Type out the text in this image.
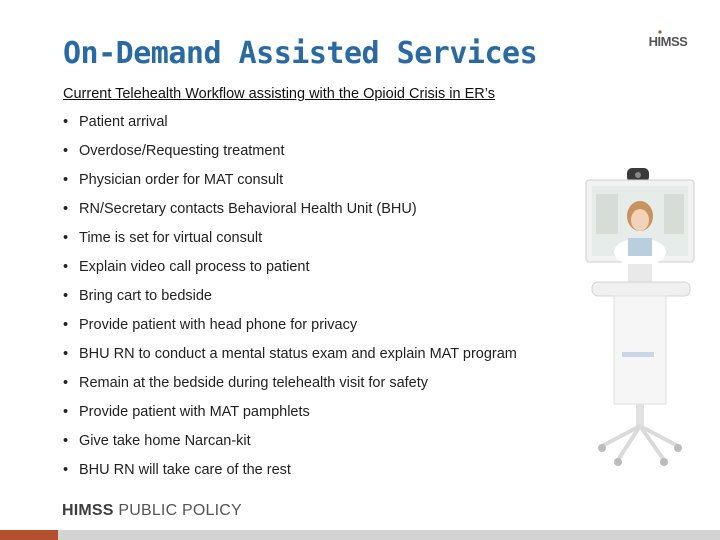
On-Demand Assisted Services	HIMSS
Current Telehealth Workflow assisting with the Opioid Crisis in ER’s
• Patient arrival
• Overdose/Requesting treatment
• Physician order for MAT consult
• RN/Secretary contacts Behavioral Health Unit (BHU)
• Time is set for virtual consult
• Explain video call process to patient
• Bring cart to bedside
• Provide patient with head phone for privacy
• BHU RN to conduct a mental status exam and explain MAT program
• Remain at the bedside during telehealth visit for safety
• Provide patient with MAT pamphlets
• Give take home Narcan-kit
• BHU RN will take care of the rest
HIMSS PUBLIC POLICY
